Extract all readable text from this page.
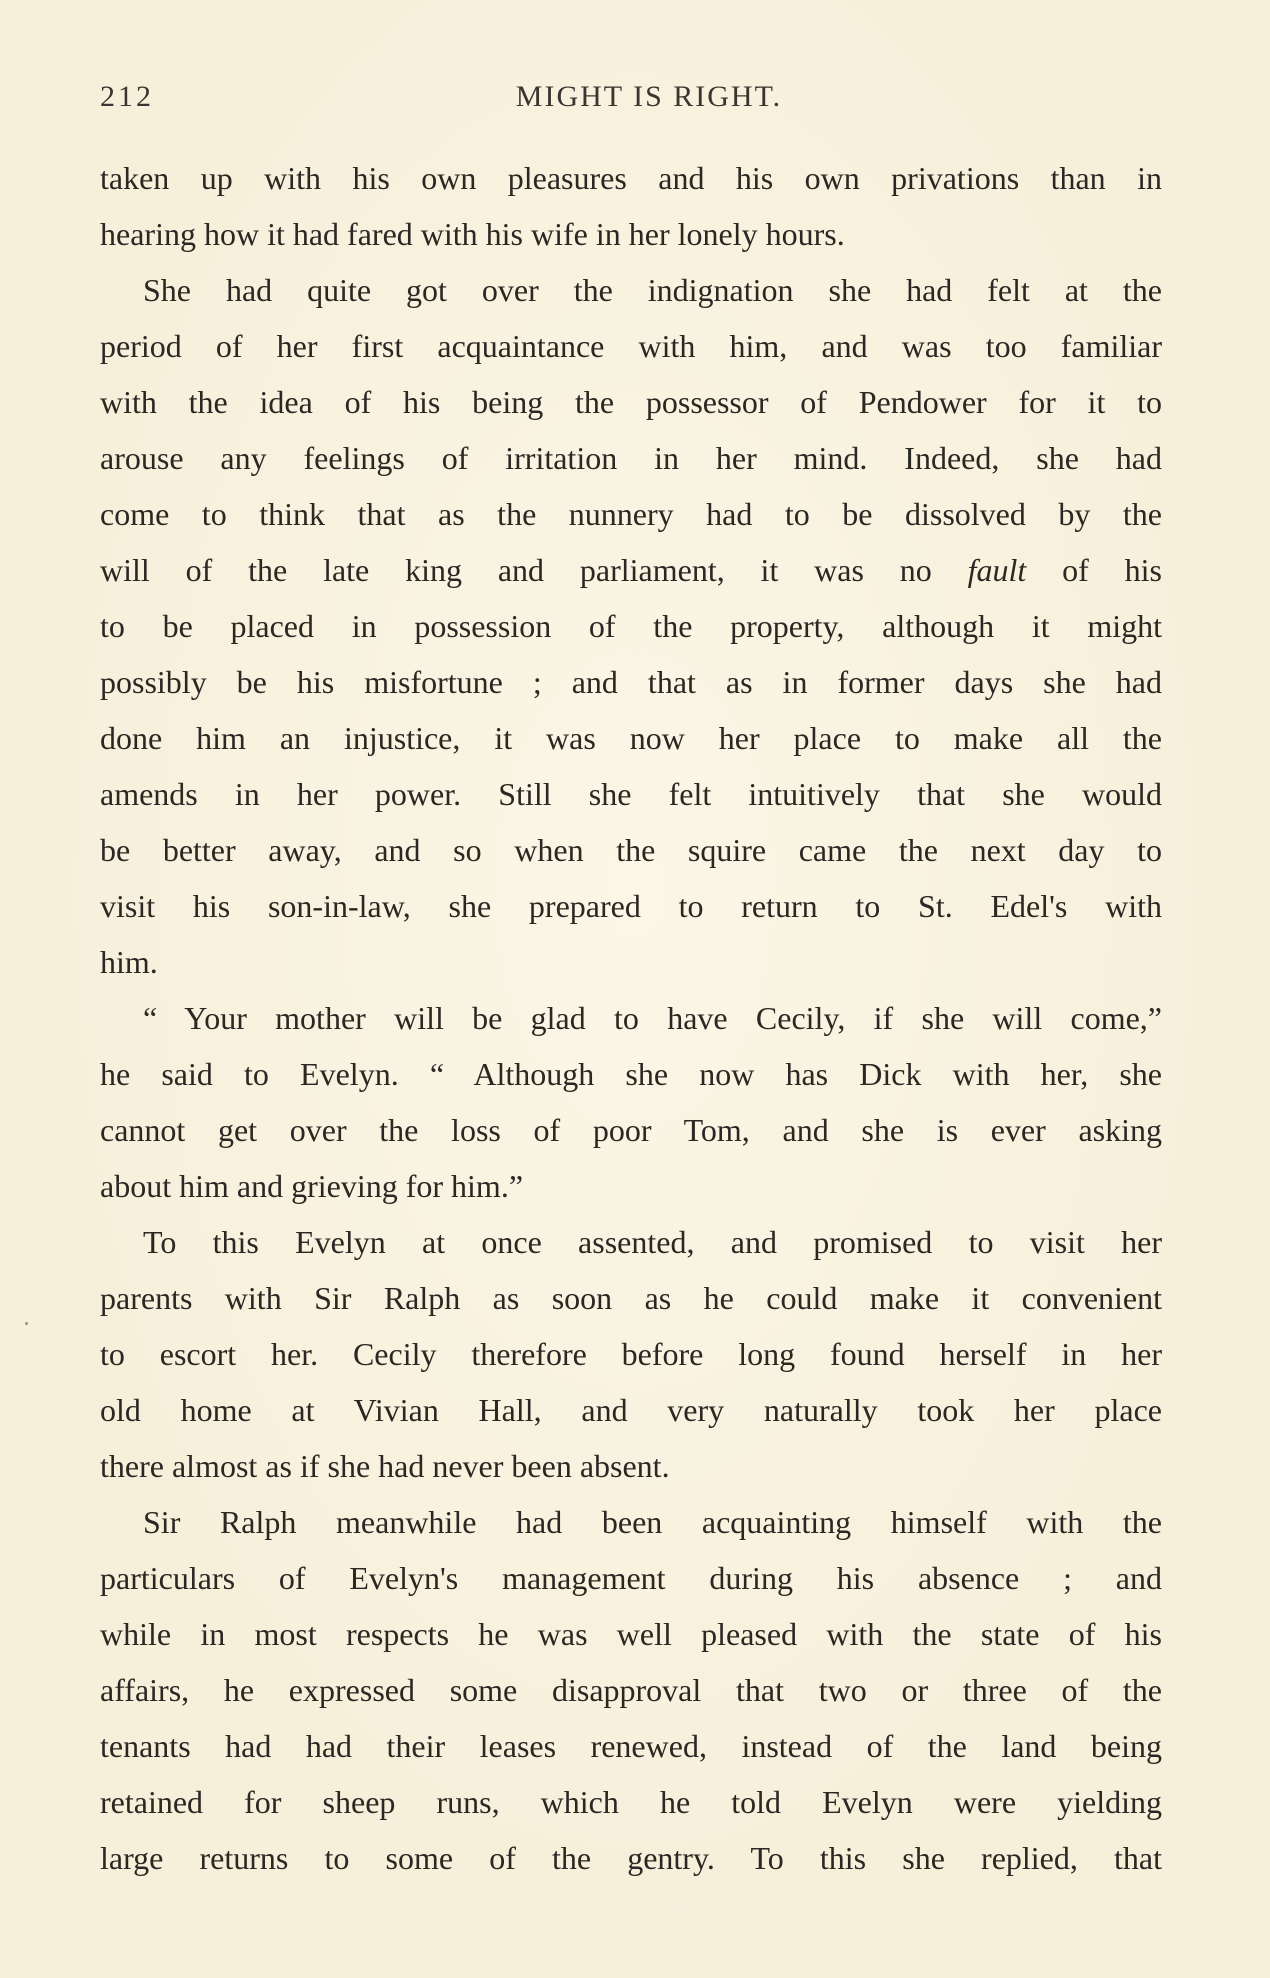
212	MIGHT IS RIGHT.
taken up with his own pleasures and his own privations than in
hearing how it had fared with his wife in her lonely hours.
She had quite got over the indignation she had felt at the
period of her first acquaintance with him, and was too familiar
with the idea of his being the possessor of Pendower for it to
arouse any feelings of irritation in her mind. Indeed, she had
come to think that as the nunnery had to be dissolved by the
will of the late king and parliament, it was no fault of his
to be placed in possession of the property, although it might
possibly be his misfortune ; and that as in former days she had
done him an injustice, it was now her place to make all the
amends in her power. Still she felt intuitively that she would
be better away, and so when the squire came the next day to
visit his son-in-law, she prepared to return to St. Edel's with
him.
“ Your mother will be glad to have Cecily, if she will come,”
he said to Evelyn. “ Although she now has Dick with her, she
cannot get over the loss of poor Tom, and she is ever asking
about him and grieving for him.”
To this Evelyn at once assented, and promised to visit her
parents with Sir Ralph as soon as he could make it convenient
to escort her. Cecily therefore before long found herself in her
old home at Vivian Hall, and very naturally took her place
there almost as if she had never been absent.
Sir Ralph meanwhile had been acquainting himself with the
particulars of Evelyn's management during his absence ; and
while in most respects he was well pleased with the state of his
affairs, he expressed some disapproval that two or three of the
tenants had had their leases renewed, instead of the land being
retained for sheep runs, which he told Evelyn were yielding
large returns to some of the gentry. To this she replied, that
